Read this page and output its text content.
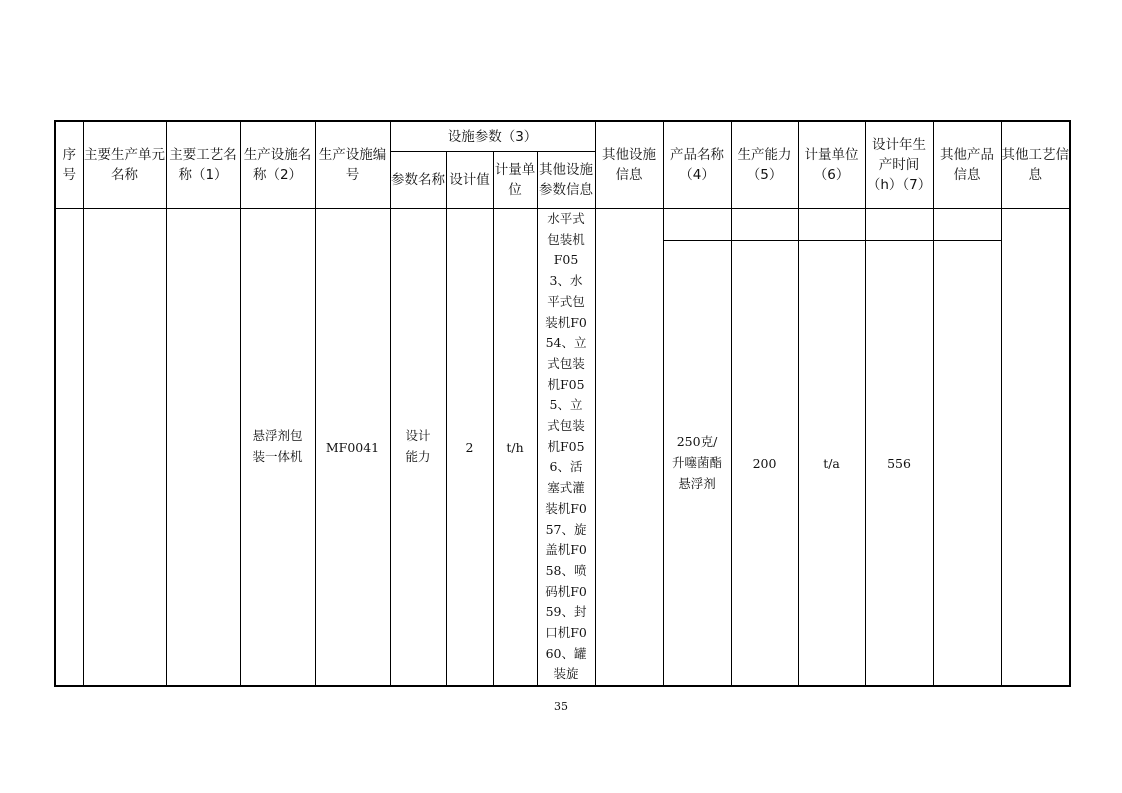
序号	主要生产单元名称	主要工艺名称（1）	生产设施名称（2）	生产设施编号	设施参数（3）				其他设施信息	产品名称（4）	生产能力（5）	计量单位（6）	设计年生产时间（h）（7）	其他产品信息	其他工艺信息
					参数名称	设计值	计量单位	其他设施参数信息							

			悬浮剂包装一体机	MF0041	设计能力	2	t/h	水平式包装机F053、水平式包装机F054、立式包装机F055、立式包装机F056、活塞式灌装机F057、旋盖机F058、喷码机F059、封口机F060、罐装旋							

										250克/升噻菌酯悬浮剂	200	t/a	556		
35
